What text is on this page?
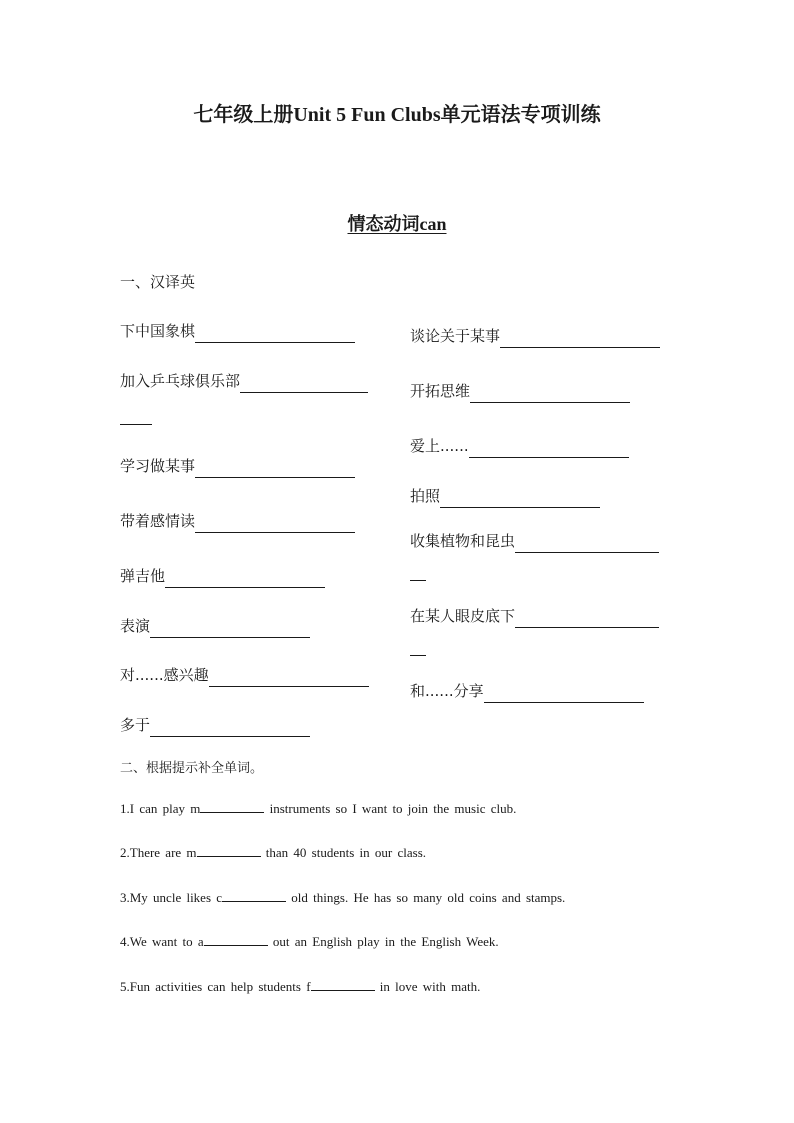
七年级上册Unit 5 Fun Clubs单元语法专项训练
情态动词can
一、汉译英
下中国象棋
加入乒乓球俱乐部
学习做某事
带着感情读
弹吉他
表演
对......感兴趣
多于
谈论关于某事
开拓思维
爱上......
拍照
收集植物和昆虫
在某人眼皮底下
和......分享
二、根据提示补全单词。
1.I can play m	instruments so I want to join the music club.
2.There are m	than 40 students in our class.
3.My uncle likes c	old things. He has so many old coins and stamps.
4.We want to a	out an English play in the English Week.
5.Fun activities can help students f	in love with math.
